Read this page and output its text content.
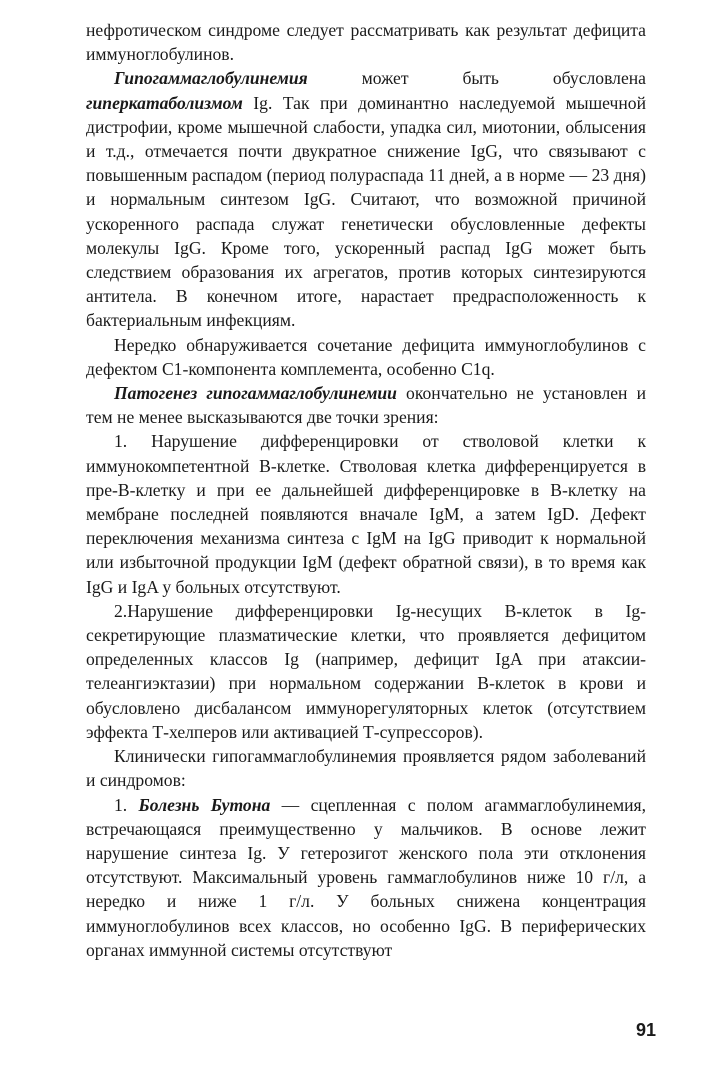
нефротическом синдроме следует рассматривать как результат дефицита иммуноглобулинов.

Гипогаммаглобулинемия может быть обусловлена гиперкатаболизмом Ig. Так при доминантно наследуемой мышечной дистрофии, кроме мышечной слабости, упадка сил, миотонии, облысения и т.д., отмечается почти двукратное снижение IgG, что связывают с повышенным распадом (период полураспада 11 дней, а в норме — 23 дня) и нормальным синтезом IgG. Считают, что возможной причиной ускоренного распада служат генетически обусловленные дефекты молекулы IgG. Кроме того, ускоренный распад IgG может быть следствием образования их агрегатов, против которых синтезируются антитела. В конечном итоге, нарастает предрасположенность к бактериальным инфекциям.

Нередко обнаруживается сочетание дефицита иммуноглобулинов с дефектом C1-компонента комплемента, особенно C1q.

Патогенез гипогаммаглобулинемии окончательно не установлен и тем не менее высказываются две точки зрения:

1. Нарушение дифференцировки от стволовой клетки к иммунокомпетентной В-клетке. Стволовая клетка дифференцируется в пре-В-клетку и при ее дальнейшей дифференцировке в В-клетку на мембране последней появляются вначале IgM, а затем IgD. Дефект переключения механизма синтеза с IgM на IgG приводит к нормальной или избыточной продукции IgM (дефект обратной связи), в то время как IgG и IgA у больных отсутствуют.

2.Нарушение дифференцировки Ig-несущих В-клеток в Ig-секретирующие плазматические клетки, что проявляется дефицитом определенных классов Ig (например, дефицит IgA при атаксии-телеангиэктазии) при нормальном содержании В-клеток в крови и обусловлено дисбалансом иммунорегуляторных клеток (отсутствием эффекта Т-хелперов или активацией Т-супрессоров).

Клинически гипогаммаглобулинемия проявляется рядом заболеваний и синдромов:

1. Болезнь Бутона — сцепленная с полом агаммаглобулинемия, встречающаяся преимущественно у мальчиков. В основе лежит нарушение синтеза Ig. У гетерозигот женского пола эти отклонения отсутствуют. Максимальный уровень гаммаглобулинов ниже 10 г/л, а нередко и ниже 1 г/л. У больных снижена концентрация иммуноглобулинов всех классов, но особенно IgG. В периферических органах иммунной системы отсутствуют

91
